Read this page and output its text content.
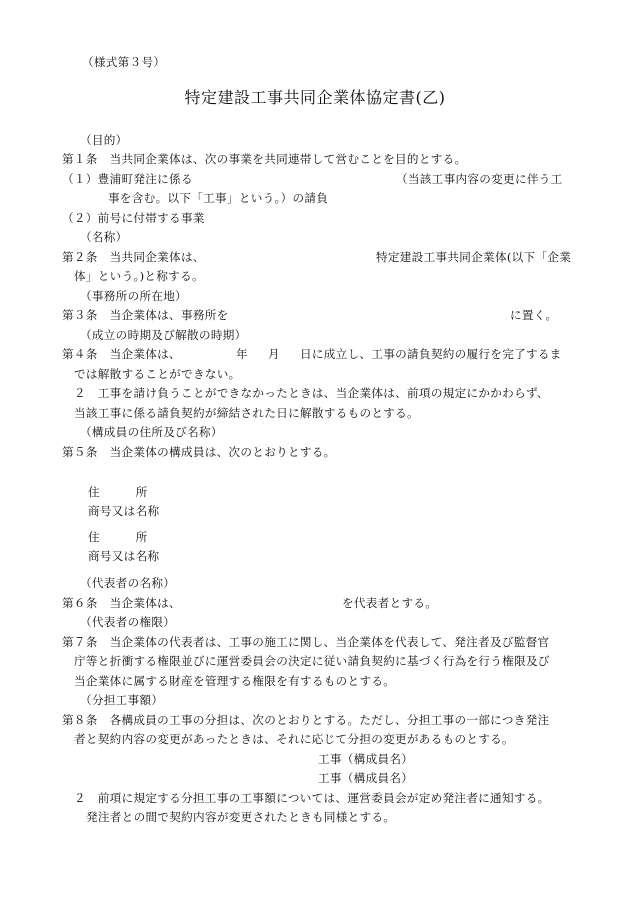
（様式第３号）
特定建設工事共同企業体協定書(乙)
（目的）
第１条　当共同企業体は、次の事業を共同連帯して営むことを目的とする。
（１）豊浦町発注に係る	（当該工事内容の変更に伴う工
事を含む。以下「工事」という。）の請負
（２）前号に付帯する事業
（名称）
第２条　当共同企業体は、	特定建設工事共同企業体(以下「企業
体」という。)と称する。
（事務所の所在地）
第３条　当企業体は、事務所を	に置く。
（成立の時期及び解散の時期）
第４条　当企業体は、	年 月 日に成立し、工事の請負契約の履行を完了するま
では解散することができない。
２　工事を請け負うことができなかったときは、当企業体は、前項の規定にかかわらず、
当該工事に係る請負契約が締結された日に解散するものとする。
（構成員の住所及び名称）
第５条　当企業体の構成員は、次のとおりとする。
住　　　所
商号又は名称
住　　　所
商号又は名称
（代表者の名称）
第６条　当企業体は、	を代表者とする。
（代表者の権限）
第７条　当企業体の代表者は、工事の施工に関し、当企業体を代表して、発注者及び監督官
庁等と折衝する権限並びに運営委員会の決定に従い請負契約に基づく行為を行う権限及び
当企業体に属する財産を管理する権限を有するものとする。
（分担工事額）
第８条　各構成員の工事の分担は、次のとおりとする。ただし、分担工事の一部につき発注
者と契約内容の変更があったときは、それに応じて分担の変更があるものとする。
工事（構成員名）
工事（構成員名）
２　前項に規定する分担工事の工事額については、運営委員会が定め発注者に通知する。
発注者との間で契約内容が変更されたときも同様とする。
